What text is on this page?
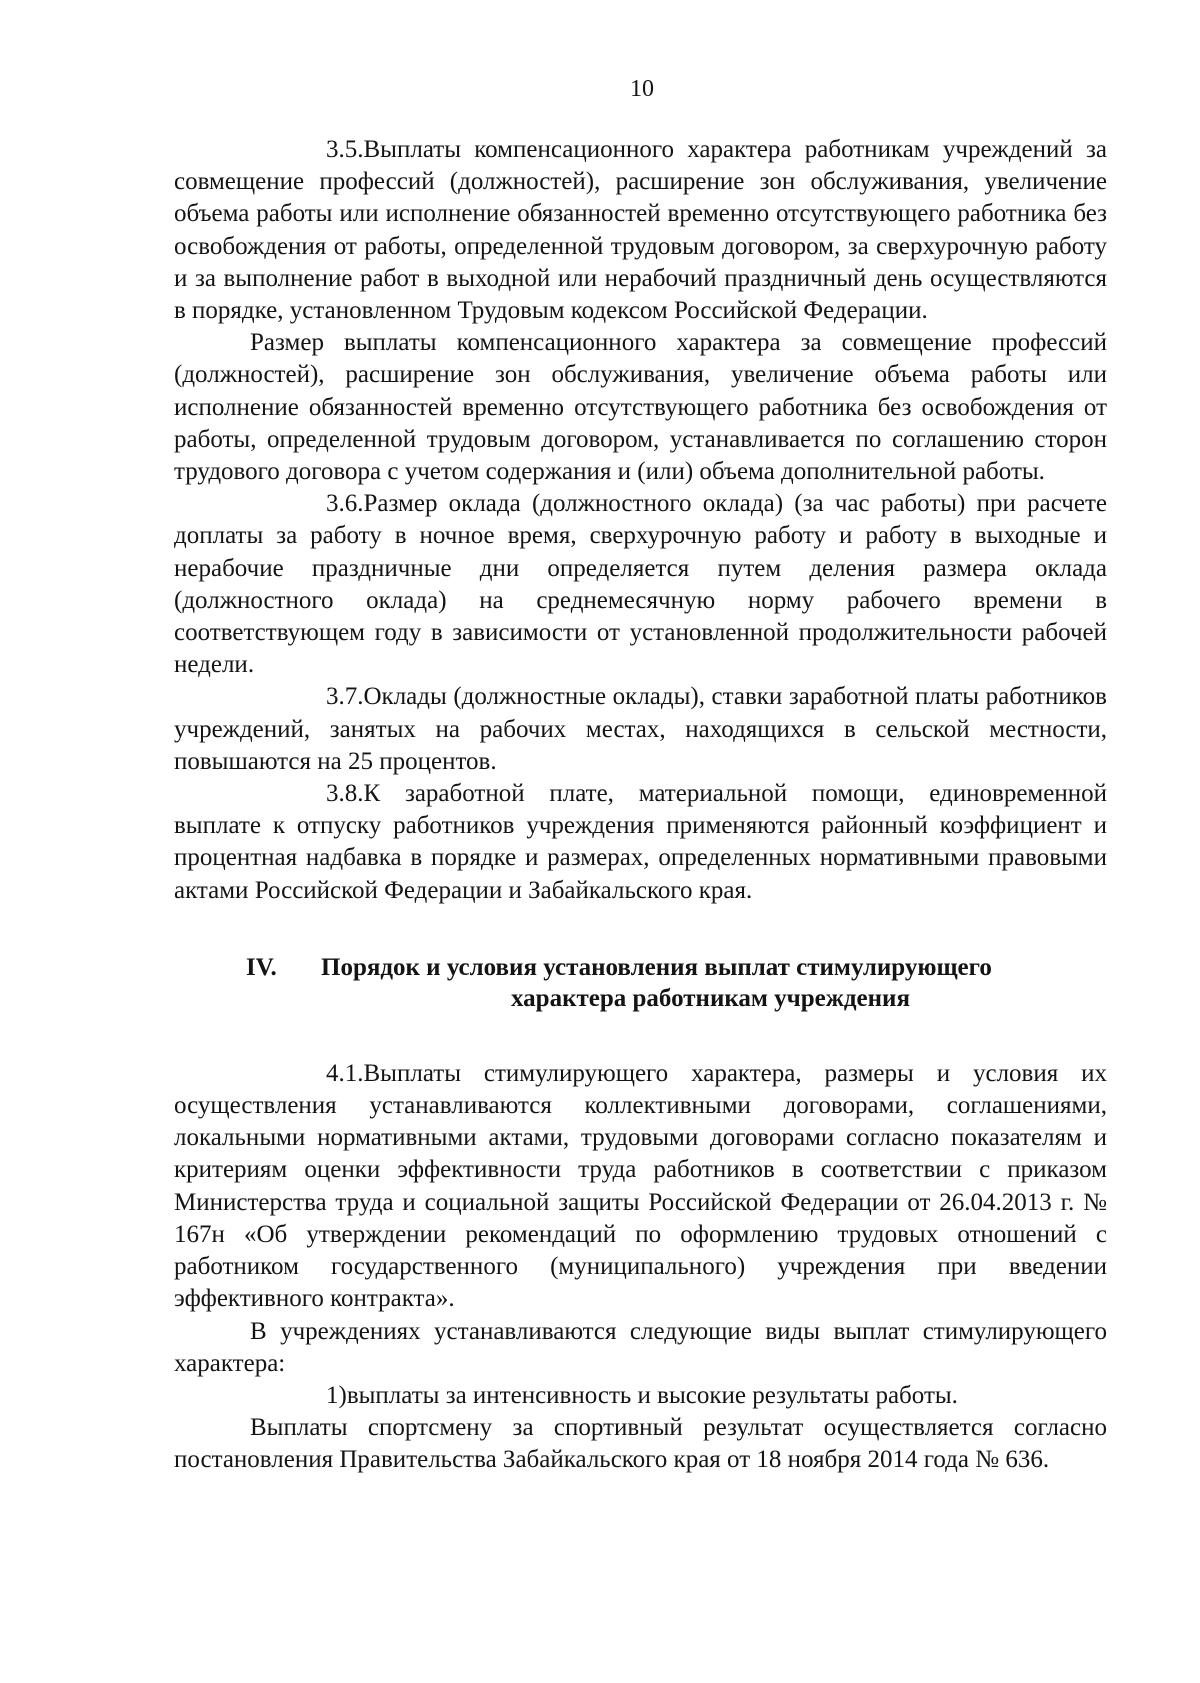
10

3.5.Выплаты компенсационного характера работникам учреждений за совмещение профессий (должностей), расширение зон обслуживания, увеличение объема работы или исполнение обязанностей временно отсутствующего работника без освобождения от работы, определенной трудовым договором, за сверхурочную работу и за выполнение работ в выходной или нерабочий праздничный день осуществляются в порядке, установленном Трудовым кодексом Российской Федерации.

Размер выплаты компенсационного характера за совмещение профессий (должностей), расширение зон обслуживания, увеличение объема работы или исполнение обязанностей временно отсутствующего работника без освобождения от работы, определенной трудовым договором, устанавливается по соглашению сторон трудового договора с учетом содержания и (или) объема дополнительной работы.

3.6.Размер оклада (должностного оклада) (за час работы) при расчете доплаты за работу в ночное время, сверхурочную работу и работу в выходные и нерабочие праздничные дни определяется путем деления размера оклада (должностного оклада) на среднемесячную норму рабочего времени в соответствующем году в зависимости от установленной продолжительности рабочей недели.

3.7.Оклады (должностные оклады), ставки заработной платы работников учреждений, занятых на рабочих местах, находящихся в сельской местности, повышаются на 25 процентов.

3.8.К заработной плате, материальной помощи, единовременной выплате к отпуску работников учреждения применяются районный коэффициент и процентная надбавка в порядке и размерах, определенных нормативными правовыми актами Российской Федерации и Забайкальского края.

IV.	Порядок и условия установления выплат стимулирующего
характера работникам учреждения

4.1.Выплаты стимулирующего характера, размеры и условия их осуществления устанавливаются коллективными договорами, соглашениями, локальными нормативными актами, трудовыми договорами согласно показателям и критериям оценки эффективности труда работников в соответствии с приказом Министерства труда и социальной защиты Российской Федерации от 26.04.2013 г. № 167н «Об утверждении рекомендаций по оформлению трудовых отношений с работником государственного (муниципального) учреждения при введении эффективного контракта».

В учреждениях устанавливаются следующие виды выплат стимулирующего характера:

1)выплаты за интенсивность и высокие результаты работы.

Выплаты спортсмену за спортивный результат осуществляется согласно постановления Правительства Забайкальского края от 18 ноября 2014 года № 636.
